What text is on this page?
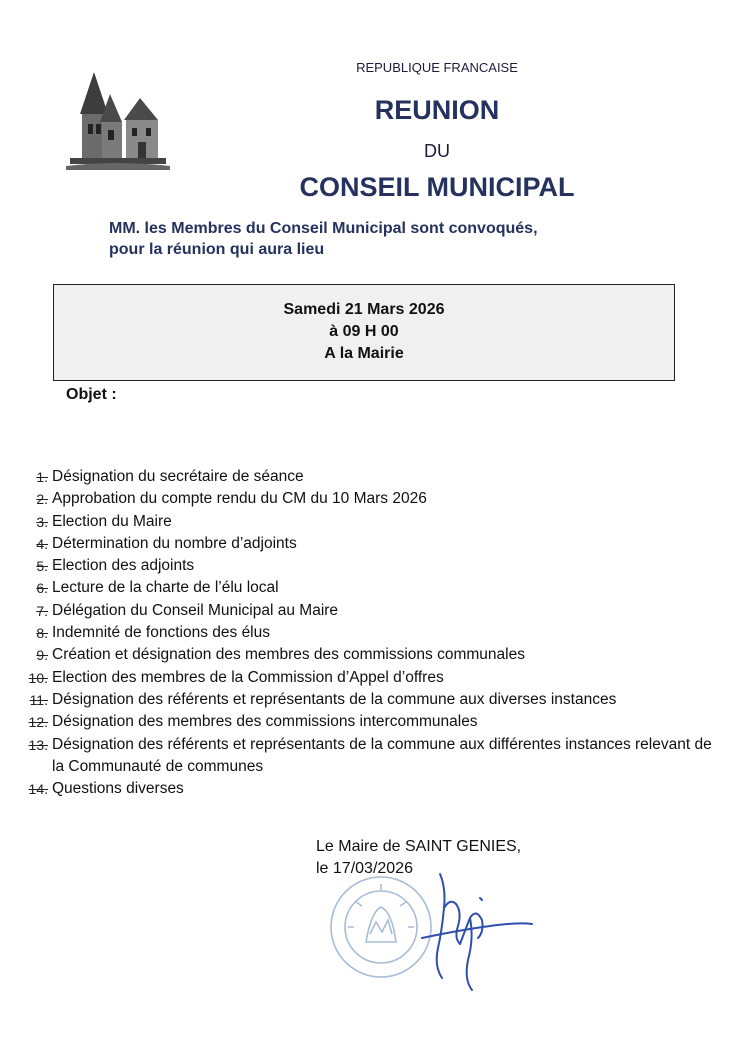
REPUBLIQUE FRANCAISE
REUNION
DU
CONSEIL MUNICIPAL
MM. les Membres du Conseil Municipal sont convoqués,
pour la réunion qui aura lieu
Samedi 21 Mars 2026
à 09 H 00
A la Mairie
Objet :
1. Désignation du secrétaire de séance
2. Approbation du compte rendu du CM du 10 Mars 2026
3. Election du Maire
4. Détermination du nombre d’adjoints
5. Election des adjoints
6. Lecture de la charte de l’élu local
7. Délégation du Conseil Municipal au Maire
8. Indemnité de fonctions des élus
9. Création et désignation des membres des commissions communales
10. Election des membres de la Commission d’Appel d’offres
11. Désignation des référents et représentants de la commune aux diverses instances
12. Désignation des membres des commissions intercommunales
13. Désignation des référents et représentants de la commune aux différentes instances relevant de la Communauté de communes
14. Questions diverses
Le Maire de SAINT GENIES,
le 17/03/2026
